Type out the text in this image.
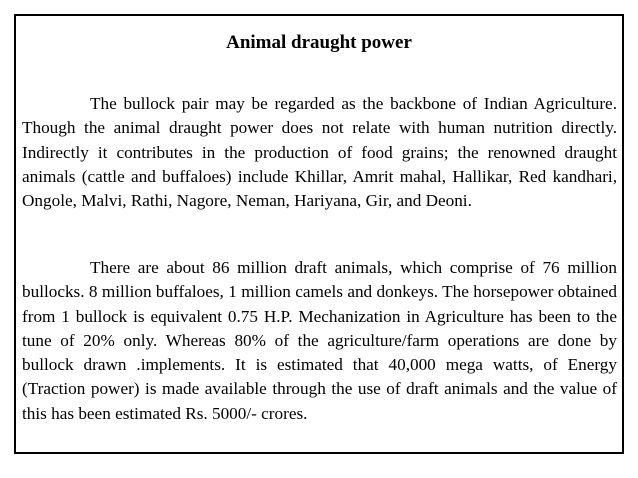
Animal draught power

The bullock pair may be regarded as the backbone of Indian Agriculture. Though the animal draught power does not relate with human nutrition directly. Indirectly it contributes in the production of food grains; the renowned draught animals (cattle and buffaloes) include Khillar, Amrit mahal, Hallikar, Red kandhari, Ongole, Malvi, Rathi, Nagore, Neman, Hariyana, Gir, and Deoni.

There are about 86 million draft animals, which comprise of 76 million bullocks. 8 million buffaloes, 1 million camels and donkeys. The horsepower obtained from 1 bullock is equivalent 0.75 H.P. Mechanization in Agriculture has been to the tune of 20% only. Whereas 80% of the agriculture/farm operations are done by bullock drawn .implements. It is estimated that 40,000 mega watts, of Energy (Traction power) is made available through the use of draft animals and the value of this has been estimated Rs. 5000/- crores.
